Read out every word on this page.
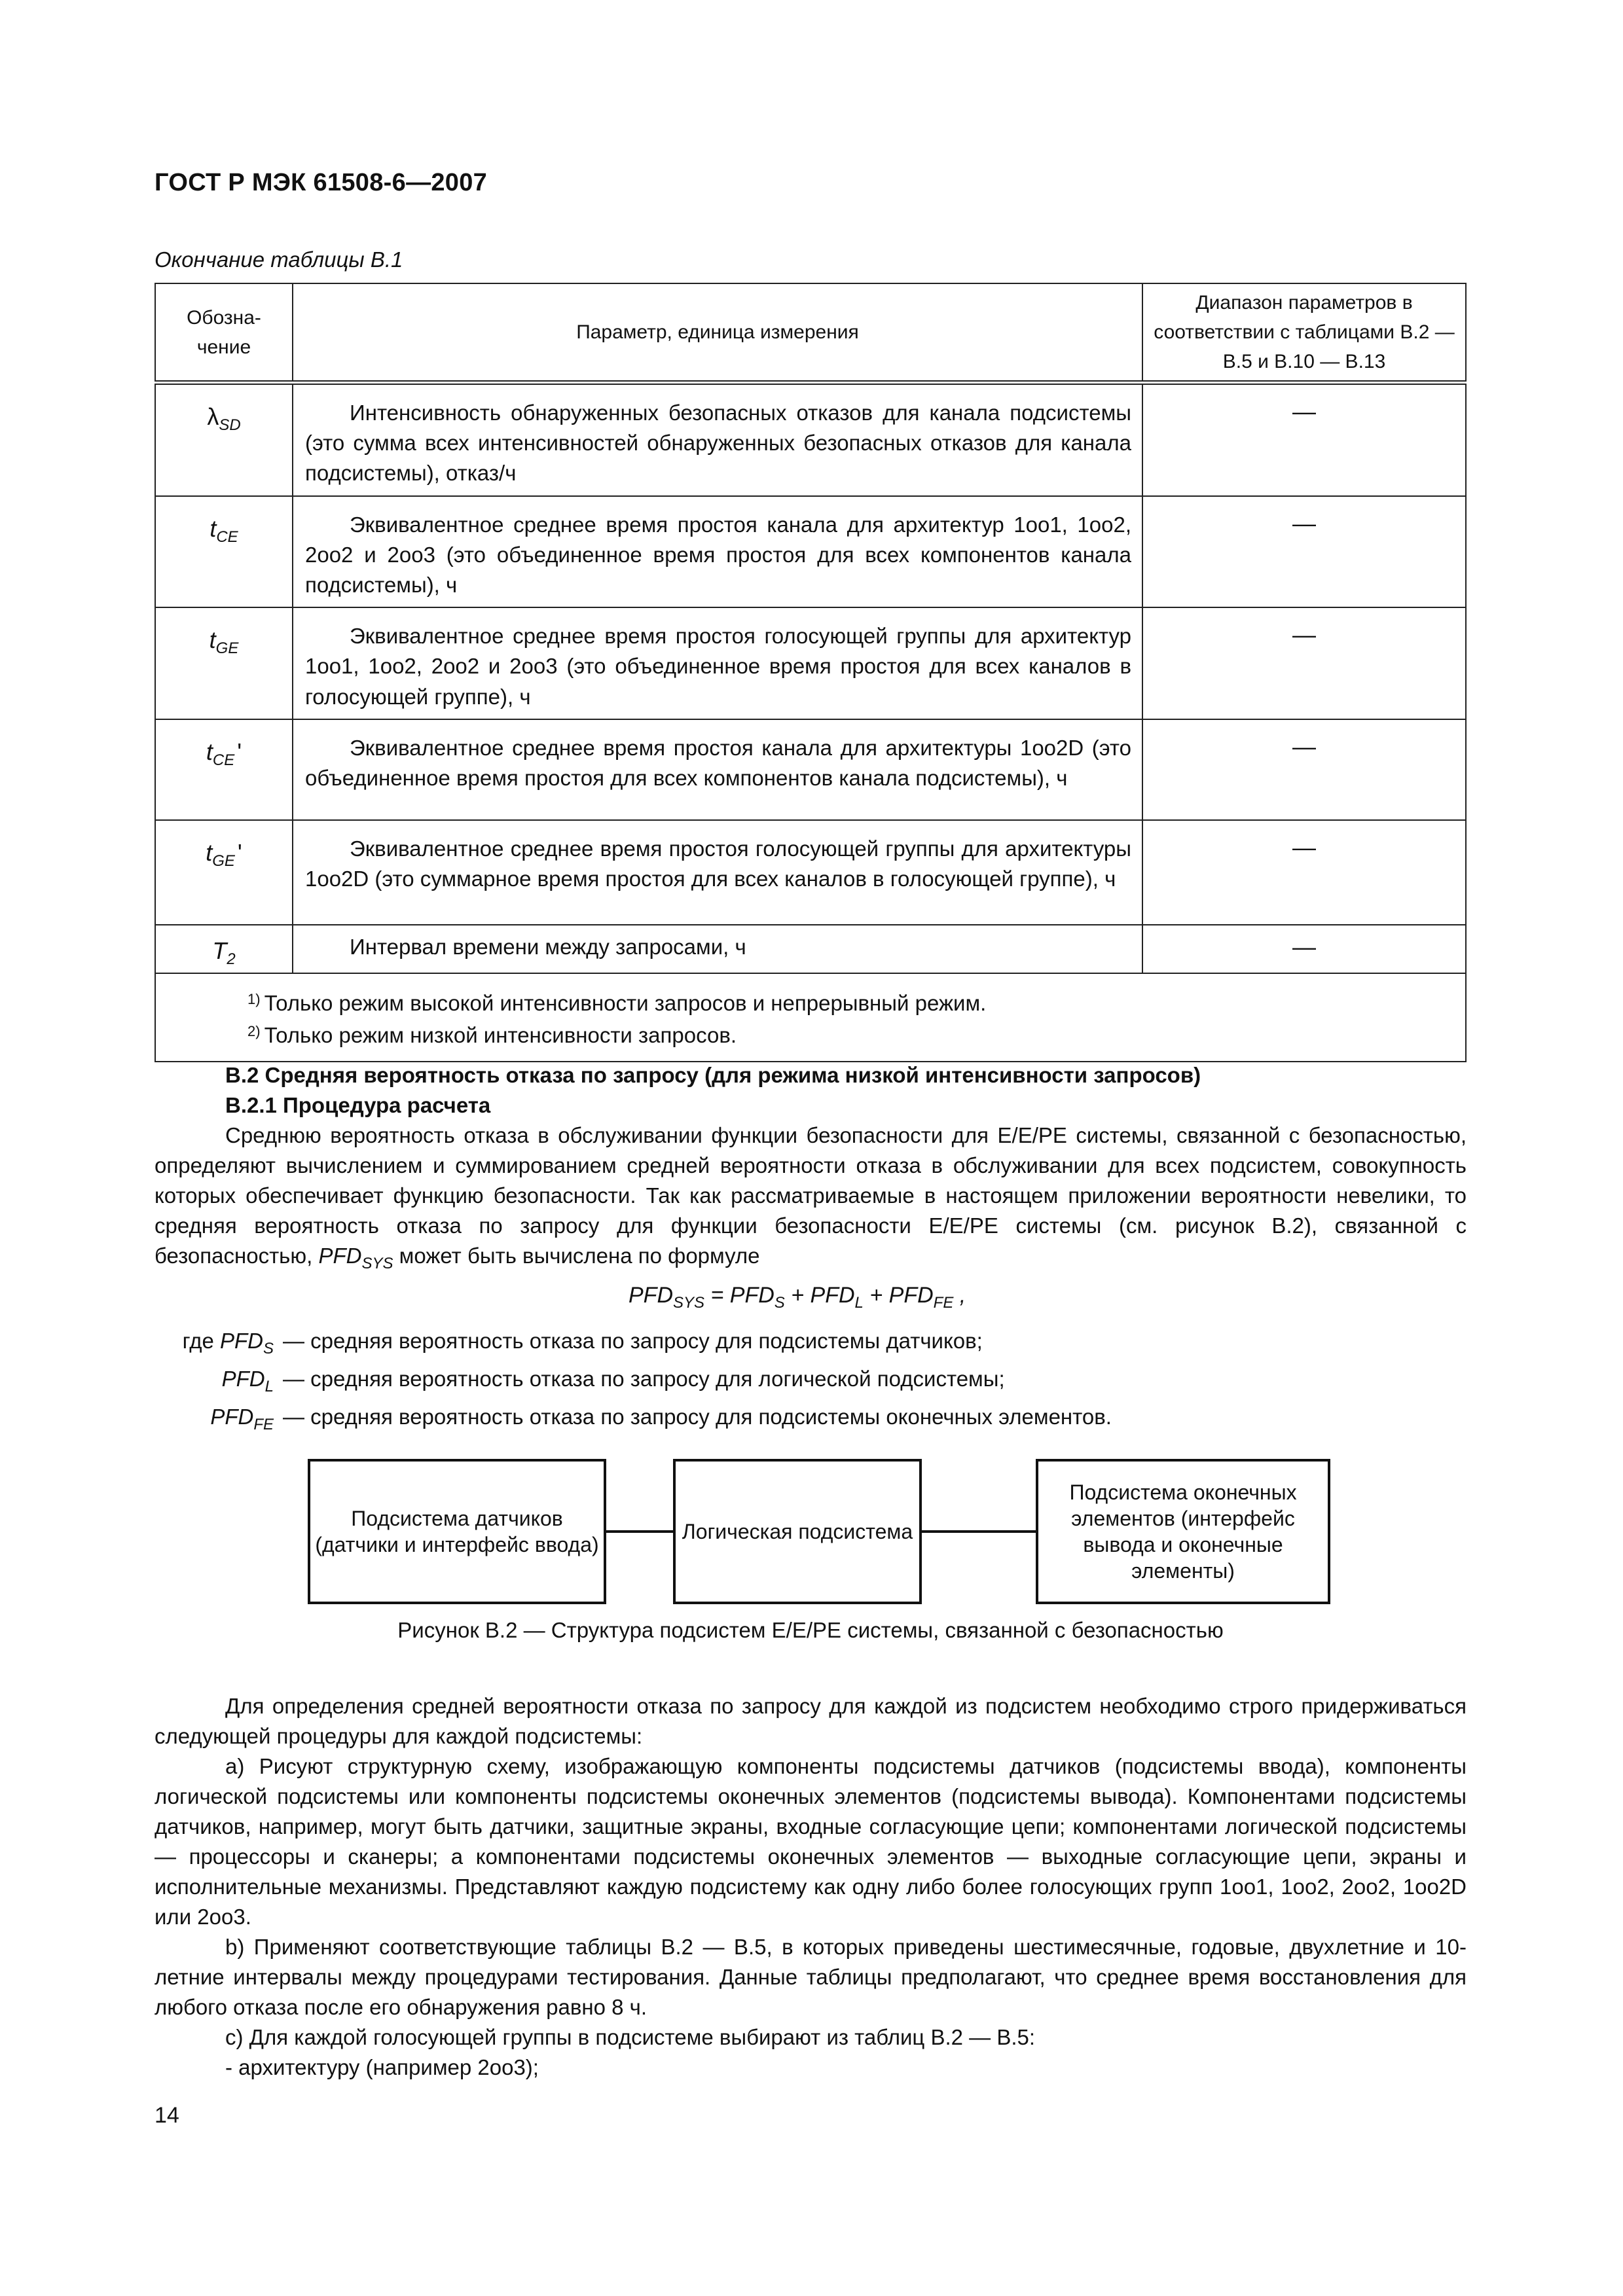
ГОСТ Р МЭК 61508-6—2007
Окончание таблицы B.1
Обозна-чение	Параметр, единица измерения	Диапазон параметров в соответствии с таблицами B.2 — B.5 и B.10 — B.13
$\lambda_{SD}$	Интенсивность обнаруженных безопасных отказов для канала подсистемы (это сумма всех интенсивностей обнаруженных безопасных отказов для канала подсистемы), отказ/ч	—
$t_{CE}$	Эквивалентное среднее время простоя канала для архитектур 1oo1, 1oo2, 2oo2 и 2oo3 (это объединенное время простоя для всех компонентов канала подсистемы), ч	—
$t_{GE}$	Эквивалентное среднее время простоя голосующей группы для архитектур 1oo1, 1oo2, 2oo2 и 2oo3 (это объединенное время простоя для всех каналов в голосующей группе), ч	—
$t_{CE}$ '	Эквивалентное среднее время простоя канала для архитектуры 1oo2D (это объединенное время простоя для всех компонентов канала подсистемы), ч	—
$t_{GE}$ '	Эквивалентное среднее время простоя голосующей группы для архитектуры 1oo2D (это суммарное время простоя для всех каналов в голосующей группе), ч	—
$T_2$	Интервал времени между запросами, ч	—

$^{1)}$ Только режим высокой интенсивности запросов и непрерывный режим.
$^{2)}$ Только режим низкой интенсивности запросов.		
B.2 Средняя вероятность отказа по запросу (для режима низкой интенсивности запросов)
B.2.1 Процедура расчета
Среднюю вероятность отказа в обслуживании функции безопасности для E/E/PE системы, связанной с безопасностью, определяют вычислением и суммированием средней вероятности отказа в обслуживании для всех подсистем, совокупность которых обеспечивает функцию безопасности. Так как рассматриваемые в настоящем приложении вероятности невелики, то средняя вероятность отказа по запросу для функции безопасности E/E/PE системы (см. рисунок B.2), связанной с безопасностью, $PFD_{SYS}$ может быть вычислена по формуле
$PFD_{SYS} = PFD_S + PFD_L + PFD_{FE}$ ,
где $PFD_S$ — средняя вероятность отказа по запросу для подсистемы датчиков;
$PFD_L$ — средняя вероятность отказа по запросу для логической подсистемы;
$PFD_{FE}$ — средняя вероятность отказа по запросу для подсистемы оконечных элементов.
Подсистема датчиков (датчики и интерфейс ввода)
Логическая подсистема
Подсистема оконечных элементов (интерфейс вывода и оконечные элементы)
Рисунок B.2 — Структура подсистем E/E/PE системы, связанной с безопасностью
Для определения средней вероятности отказа по запросу для каждой из подсистем необходимо строго придерживаться следующей процедуры для каждой подсистемы:
a) Рисуют структурную схему, изображающую компоненты подсистемы датчиков (подсистемы ввода), компоненты логической подсистемы или компоненты подсистемы оконечных элементов (подсистемы вывода). Компонентами подсистемы датчиков, например, могут быть датчики, защитные экраны, входные согласующие цепи; компонентами логической подсистемы — процессоры и сканеры; а компонентами подсистемы оконечных элементов — выходные согласующие цепи, экраны и исполнительные механизмы. Представляют каждую подсистему как одну либо более голосующих групп 1oo1, 1oo2, 2oo2, 1oo2D или 2oo3.
b) Применяют соответствующие таблицы B.2 — B.5, в которых приведены шестимесячные, годовые, двухлетние и 10-летние интервалы между процедурами тестирования. Данные таблицы предполагают, что среднее время восстановления для любого отказа после его обнаружения равно 8 ч.
c) Для каждой голосующей группы в подсистеме выбирают из таблиц B.2 — B.5:
- архитектуру (например 2oo3);
14
